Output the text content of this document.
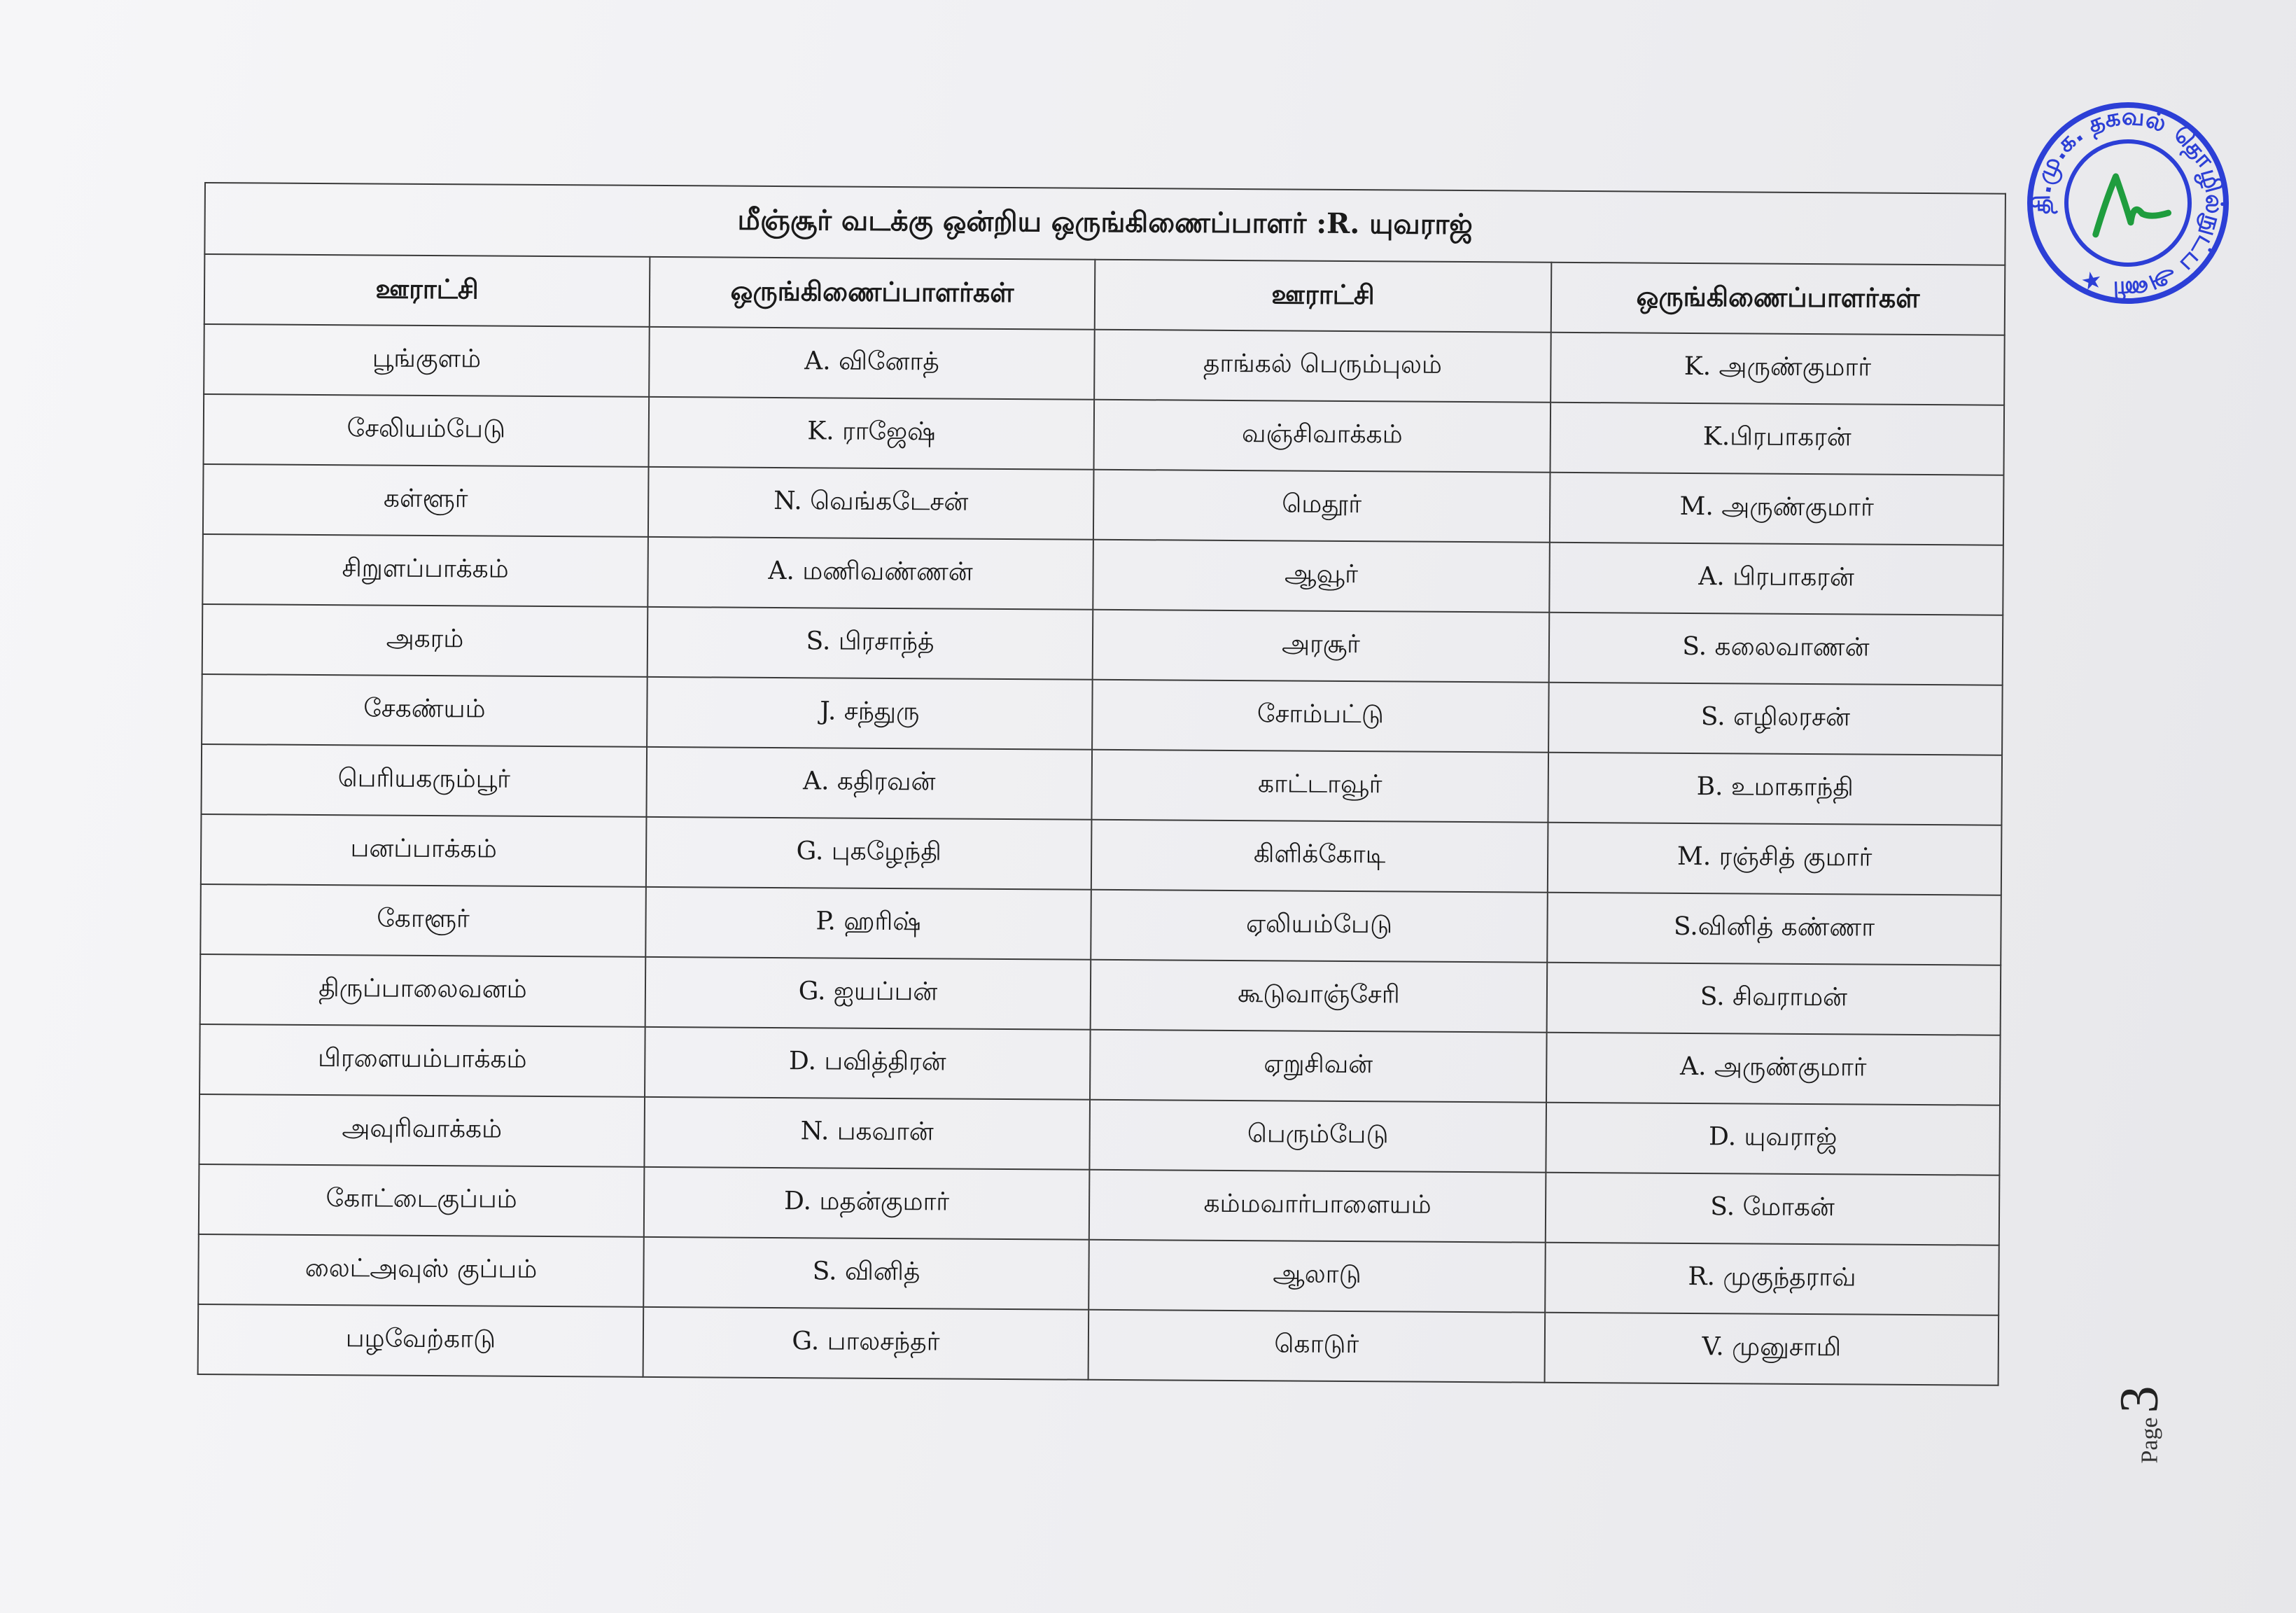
மீஞ்சூர் வடக்கு ஒன்றிய ஒருங்கிணைப்பாளர் :R. யுவராஜ்			
ஊராட்சி	ஒருங்கிணைப்பாளர்கள்	ஊராட்சி	ஒருங்கிணைப்பாளர்கள்
பூங்குளம்	A. வினோத்	தாங்கல் பெரும்புலம்	K. அருண்குமார்
சேலியம்பேடு	K. ராஜேஷ்	வஞ்சிவாக்கம்	K.பிரபாகரன்
கள்ளூர்	N. வெங்கடேசன்	மெதூர்	M. அருண்குமார்
சிறுளப்பாக்கம்	A. மணிவண்ணன்	ஆவூர்	A. பிரபாகரன்
அகரம்	S. பிரசாந்த்	அரசூர்	S. கலைவாணன்
சேகண்யம்	J. சந்துரு	சோம்பட்டு	S. எழிலரசன்
பெரியகரும்பூர்	A. கதிரவன்	காட்டாவூர்	B. உமாகாந்தி
பனப்பாக்கம்	G. புகழேந்தி	கிளிக்கோடி	M. ரஞ்சித் குமார்
கோளூர்	P. ஹரிஷ்	ஏலியம்பேடு	S.வினித் கண்ணா
திருப்பாலைவனம்	G. ஐயப்பன்	கூடுவாஞ்சேரி	S. சிவராமன்
பிரளையம்பாக்கம்	D. பவித்திரன்	ஏறுசிவன்	A. அருண்குமார்
அவுரிவாக்கம்	N. பகவான்	பெரும்பேடு	D. யுவராஜ்
கோட்டைகுப்பம்	D. மதன்குமார்	கம்மவார்பாளையம்	S. மோகன்
லைட்அவுஸ் குப்பம்	S. வினித்	ஆலாடு	R. முகுந்தராவ்
பழவேற்காடு	G. பாலசந்தர்	கொடுர்	V. முனுசாமி
தி.மு.க. தகவல் தொழில்நுட்ப அணி ★
Page
3
